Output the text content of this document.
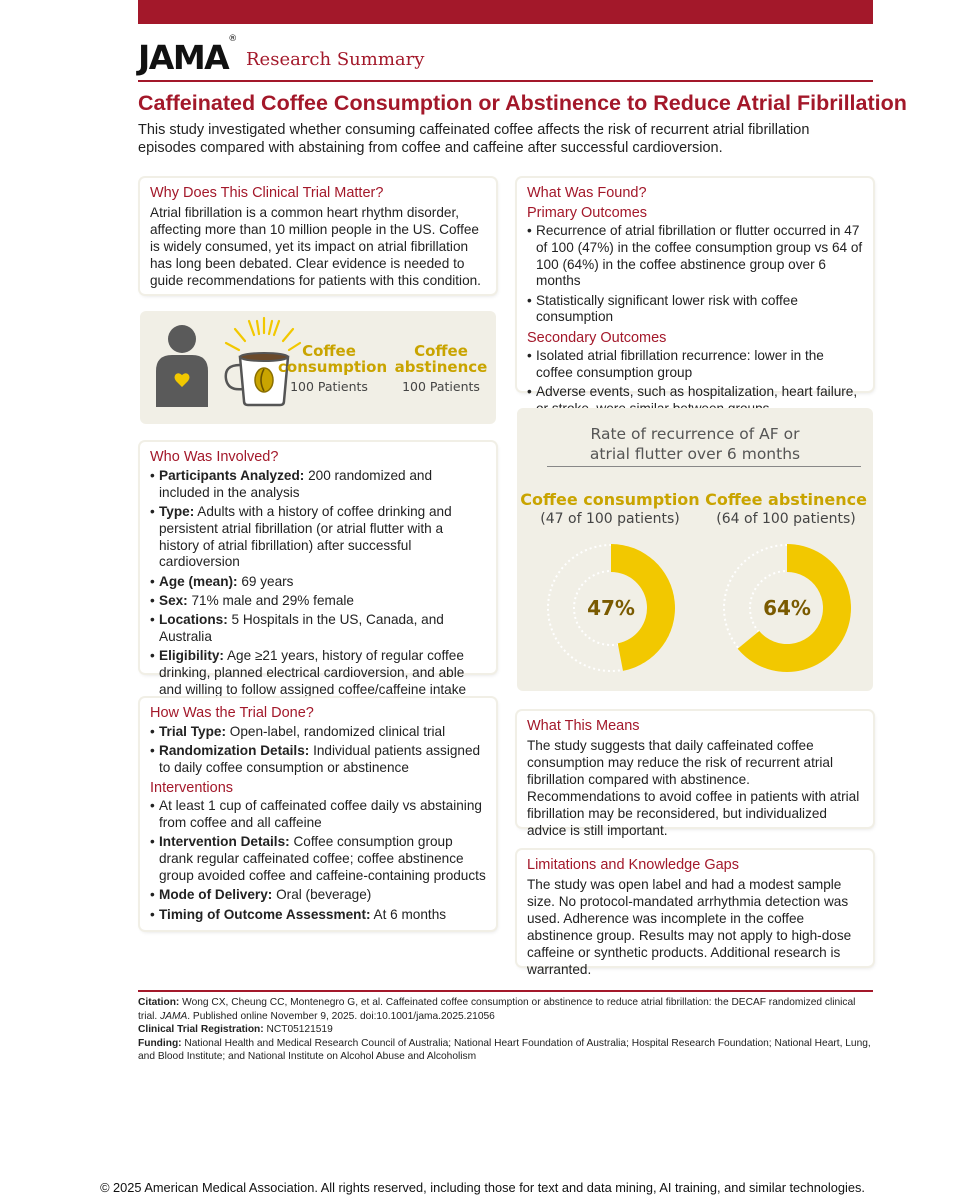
JAMA®
Research Summary
Caffeinated Coffee Consumption or Abstinence to Reduce Atrial Fibrillation
This study investigated whether consuming caffeinated coffee affects the risk of recurrent atrial fibrillation episodes compared with abstaining from coffee and caffeine after successful cardioversion.
Why Does This Clinical Trial Matter?
Atrial fibrillation is a common heart rhythm disorder, affecting more than 10 million people in the US. Coffee is widely consumed, yet its impact on atrial fibrillation has long been debated. Clear evidence is needed to guide recommendations for patients with this condition.
Coffee
consumption
100 Patients
Coffee
abstinence
100 Patients
What Was Found?
Primary Outcomes
• Recurrence of atrial fibrillation or flutter occurred in 47 of 100 (47%) in the coffee consumption group vs 64 of 100 (64%) in the coffee abstinence group over 6 months
• Statistically significant lower risk with coffee consumption
Secondary Outcomes
• Isolated atrial fibrillation recurrence: lower in the coffee consumption group
• Adverse events, such as hospitalization, heart failure,
Who Was Involved?
• Participants Analyzed: 200 randomized and included in the analysis
• Type: Adults with a history of coffee drinking and persistent atrial fibrillation (or atrial flutter with a history of atrial fibrillation) after successful cardioversion
• Age (mean): 69 years
• Sex: 71% male and 29% female
• Locations: 5 Hospitals in the US, Canada, and Australia
• Eligibility: Age ≥21 years, history of regular coffee drinking, planned electrical cardioversion, and able and willing to follow assigned coffee/caffeine intake
Rate of recurrence of AF or
atrial flutter over 6 months
Coffee consumption
(47 of 100 patients)
Coffee abstinence
(64 of 100 patients)
47%	64%
How Was the Trial Done?
• Trial Type: Open-label, randomized clinical trial
• Randomization Details: Individual patients assigned to daily coffee consumption or abstinence
Interventions
• At least 1 cup of caffeinated coffee daily vs abstaining from coffee and all caffeine
• Intervention Details: Coffee consumption group drank regular caffeinated coffee; coffee abstinence group avoided coffee and caffeine-containing products
• Mode of Delivery: Oral (beverage)
• Timing of Outcome Assessment: At 6 months
What This Means
The study suggests that daily caffeinated coffee consumption may reduce the risk of recurrent atrial fibrillation compared with abstinence. Recommendations to avoid coffee in patients with atrial fibrillation may be reconsidered, but individualized advice is still important.
Limitations and Knowledge Gaps
The study was open label and had a modest sample size. No protocol-mandated arrhythmia detection was used. Adherence was incomplete in the coffee abstinence group. Results may not apply to high-dose caffeine or synthetic products. Additional research is warranted.
Citation: Wong CX, Cheung CC, Montenegro G, et al. Caffeinated coffee consumption or abstinence to reduce atrial fibrillation: the DECAF randomized clinical trial. JAMA. Published online November 9, 2025. doi:10.1001/jama.2025.21056
Clinical Trial Registration: NCT05121519
Funding: National Health and Medical Research Council of Australia; National Heart Foundation of Australia; Hospital Research Foundation; National Heart, Lung, and Blood Institute; and National Institute on Alcohol Abuse and Alcoholism
© 2025 American Medical Association. All rights reserved, including those for text and data mining, AI training, and similar technologies.
